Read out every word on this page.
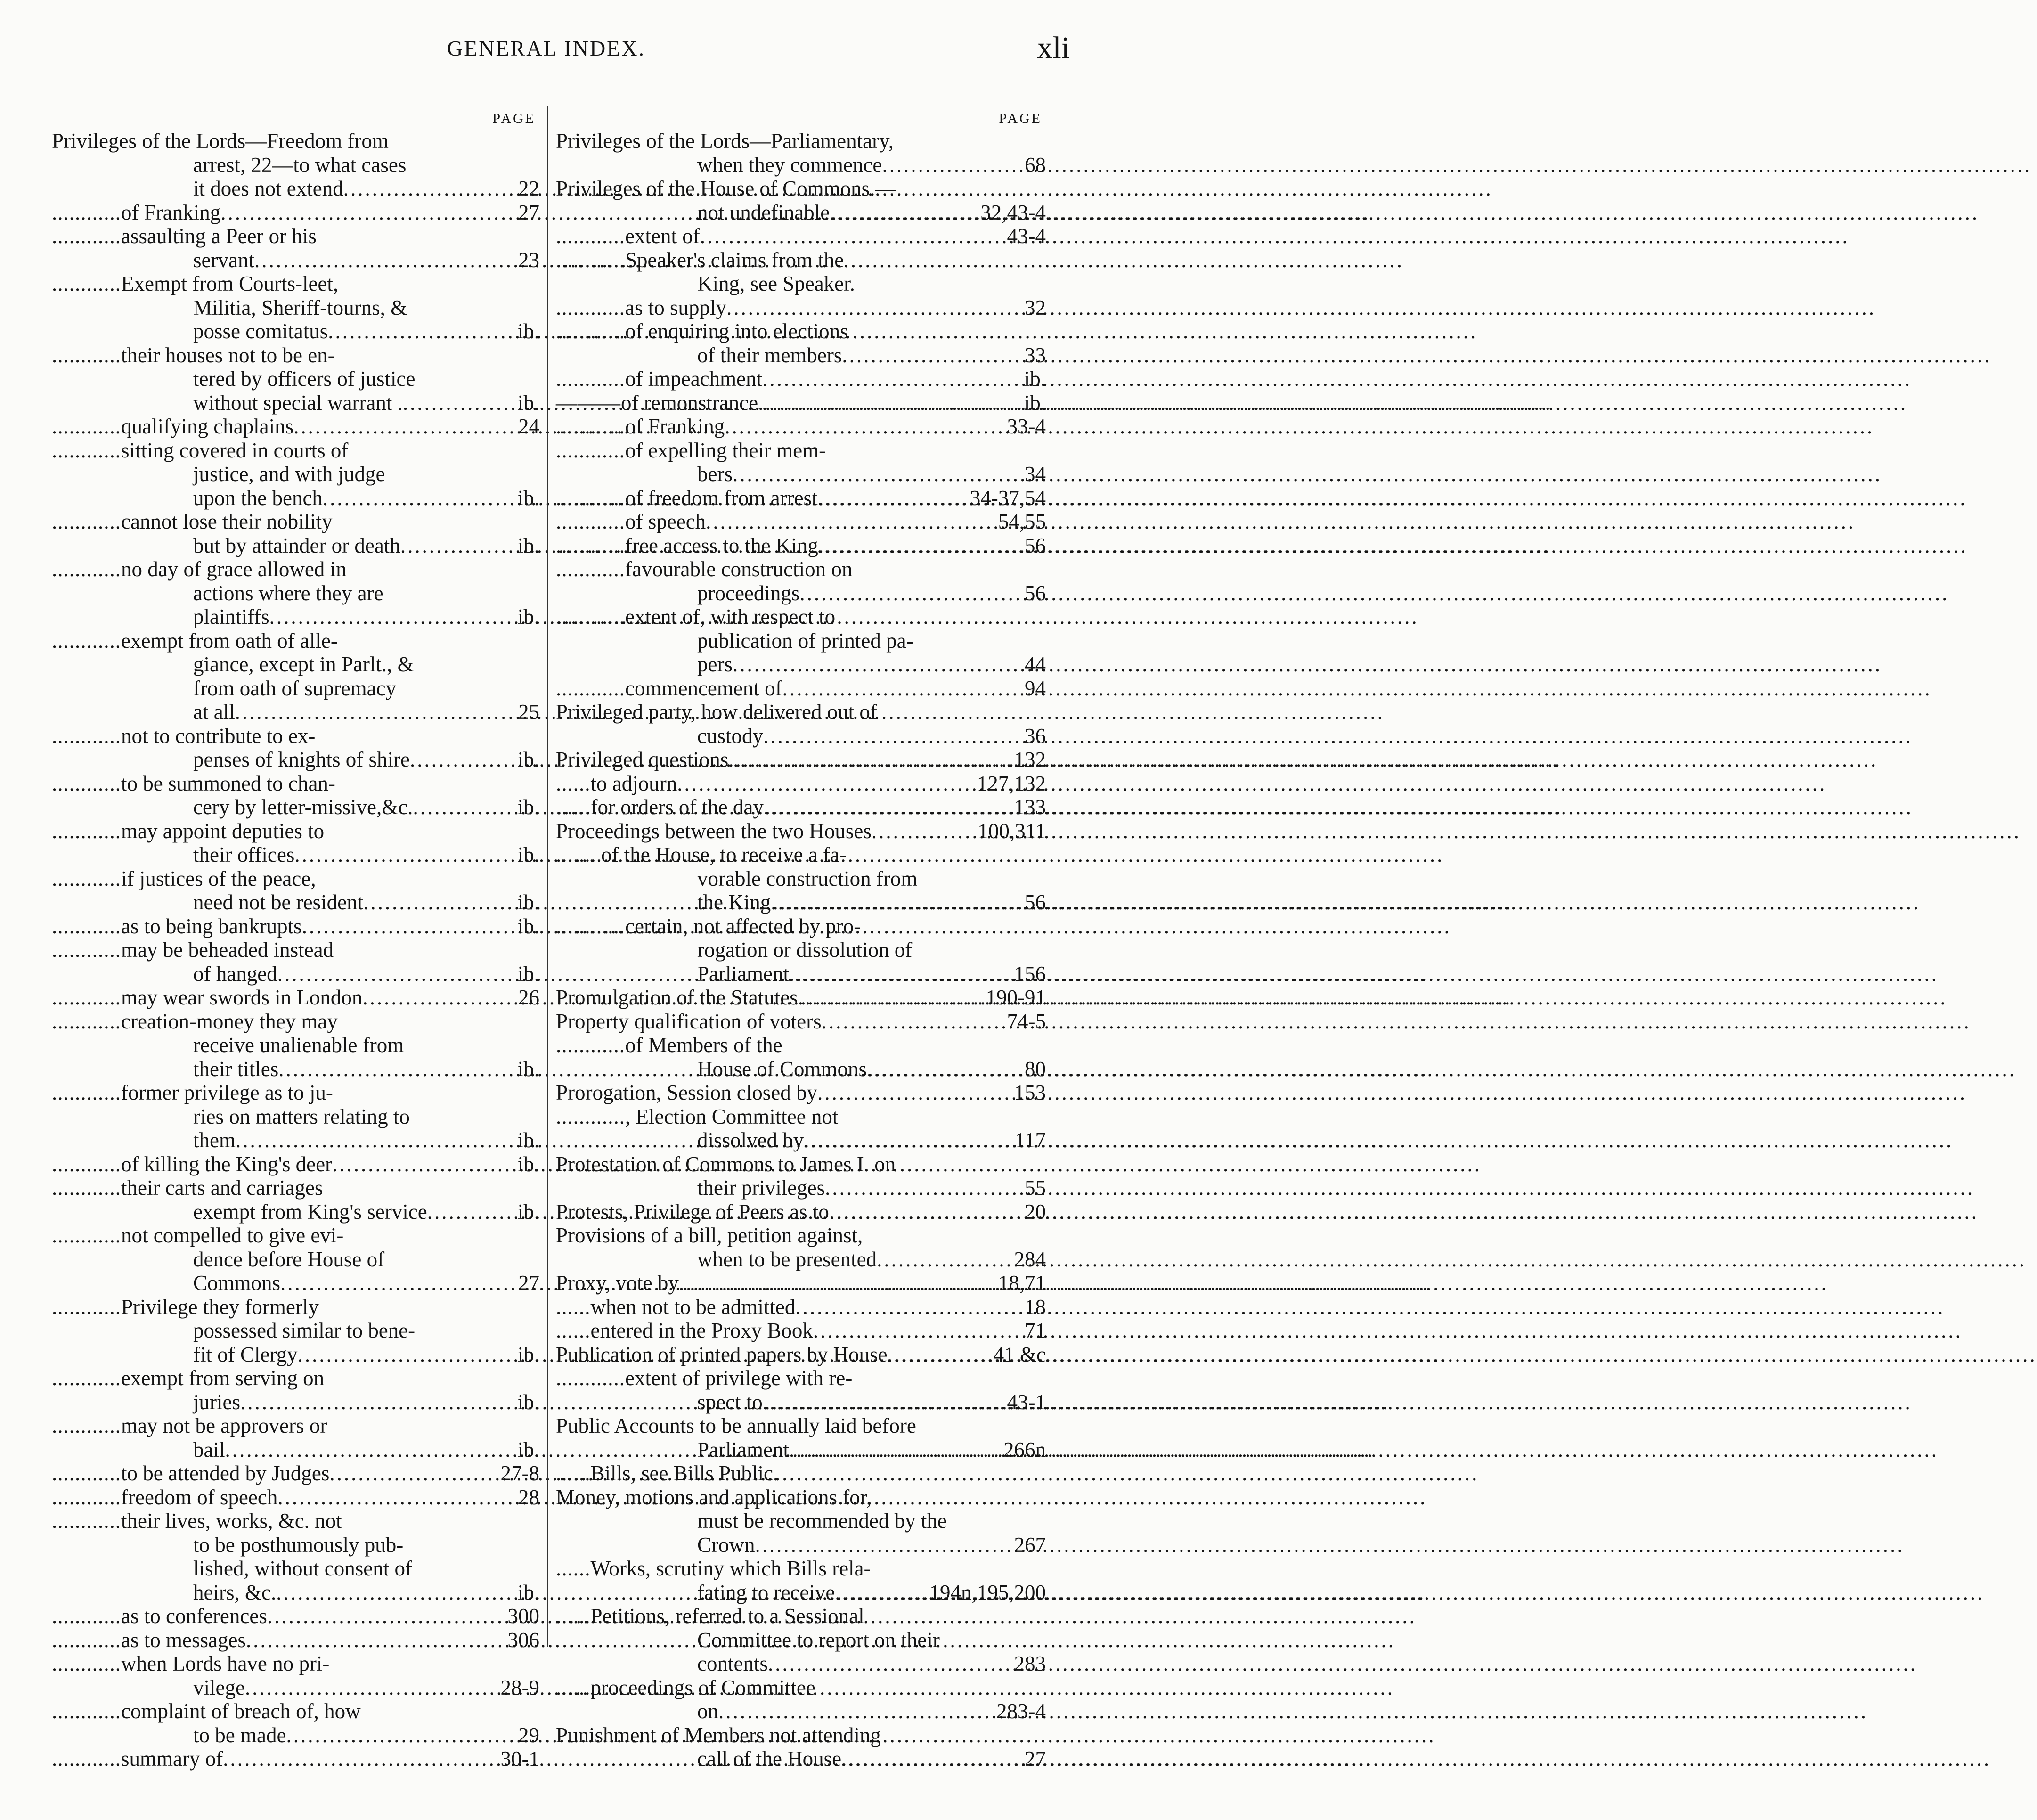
GENERAL INDEX.	xli
PAGE
Privileges of the Lords—Freedom from
arrest, 22—to what cases
it does not extend .....	22
............ of Franking .....	27
............ assaulting a Peer or his
servant .....	23
............ Exempt from Courts-leet,
Militia, Sheriff-tourns, &
posse comitatus .....	ib.
............ their houses not to be en-
tered by officers of justice
without special warrant . .....	ib.
............ qualifying chaplains .....	24
............ sitting covered in courts of
justice, and with judge
upon the bench .....	ib.
............ cannot lose their nobility
but by attainder or death .....	ib.
............ no day of grace allowed in
actions where they are
plaintiffs .....	ib.
............ exempt from oath of alle-
giance, except in Parlt., &
from oath of supremacy
at all .....	25
............ not to contribute to ex-
penses of knights of shire .....	ib.
............ to be summoned to chan-
cery by letter-missive,&c. .....	ib.
............ may appoint deputies to
their offices .....	ib.
............ if justices of the peace,
need not be resident .....	ib.
............ as to being bankrupts .....	ib.
............ may be beheaded instead
of hanged .....	ib.
............ may wear swords in London .....	26
............ creation-money they may
receive unalienable from
their titles .....	ib.
............ former privilege as to ju-
ries on matters relating to
them .....	ib.
............ of killing the King's deer .....	ib.
............ their carts and carriages
exempt from King's service .....	ib.
............ not compelled to give evi-
dence before House of
Commons .....	27
............ Privilege they formerly
possessed similar to bene-
fit of Clergy .....	ib.
............ exempt from serving on
juries .....	ib.
............ may not be approvers or
bail .....	ib.
............ to be attended by Judges .....	27-8
............ freedom of speech .....	28
............ their lives, works, &c. not
to be posthumously pub-
lished, without consent of
heirs, &c. .....	ib.
............ as to conferences .....	300
............ as to messages .....	306
............ when Lords have no pri-
vilege .....	28-9
............ complaint of breach of, how
to be made .....	29
............ summary of .....	30-1
PAGE
Privileges of the Lords—Parliamentary,
when they commence .....	68
Privileges of the House of Commons.—
not undefinable .....	32,43-4
............ extent of .....	43-4
............ Speaker's claims from the
King, see Speaker.
............ as to supply .....	32
............ of enquiring into elections
of their members .....	33
............ of impeachment .....	ib.
——— of remonstrance .....	ib.
............ of Franking .....	33-4
............ of expelling their mem-
bers .....	34
............ of freedom from arrest .....	34-37,54
............ of speech .....	54,55
............ free access to the King .....	56
............ favourable construction on
proceedings .....	56
............ extent of, with respect to
publication of printed pa-
pers .....	44
............ commencement of .....	94
Privileged party, how delivered out of
custody .....	36
Privileged questions .....	132
...... to adjourn .....	127,132
...... for orders of the day .....	133
Proceedings between the two Houses .....	100,311
...... . of the House, to receive a fa-
vorable construction from
the King .....	56
............ certain, not affected by pro-
rogation or dissolution of
Parliament .....	156
Promulgation of the Statutes .....	190-91
Property qualification of voters .....	74-5
............ of Members of the
House of Commons .....	80
Prorogation, Session closed by .....	153
............ , Election Committee not
dissolved by .....	117
Protestation of Commons to James I. on
their privileges .....	55
Protests, Privilege of Peers as to .....	20
Provisions of a bill, petition against,
when to be presented .....	284
Proxy, vote by .....	18,71
...... when not to be admitted .....	18
...... entered in the Proxy Book .....	71
Publication of printed papers by House .....	41 &c
............ extent of privilege with re-
spect to .....	43-1
Public Accounts to be annually laid before
Parliament .....	266n
...... Bills, see Bills Public.
Money, motions and applications for,
must be recommended by the
Crown .....	267
...... Works, scrutiny which Bills rela-
fating to receive .....	194n,195,200
...... Petitions, referred to a Sessional
Committee to report on their
contents .....	283
...... proceedings of Committee
on .....	283-4
Punishment of Members not attending
call of the House .....	27
